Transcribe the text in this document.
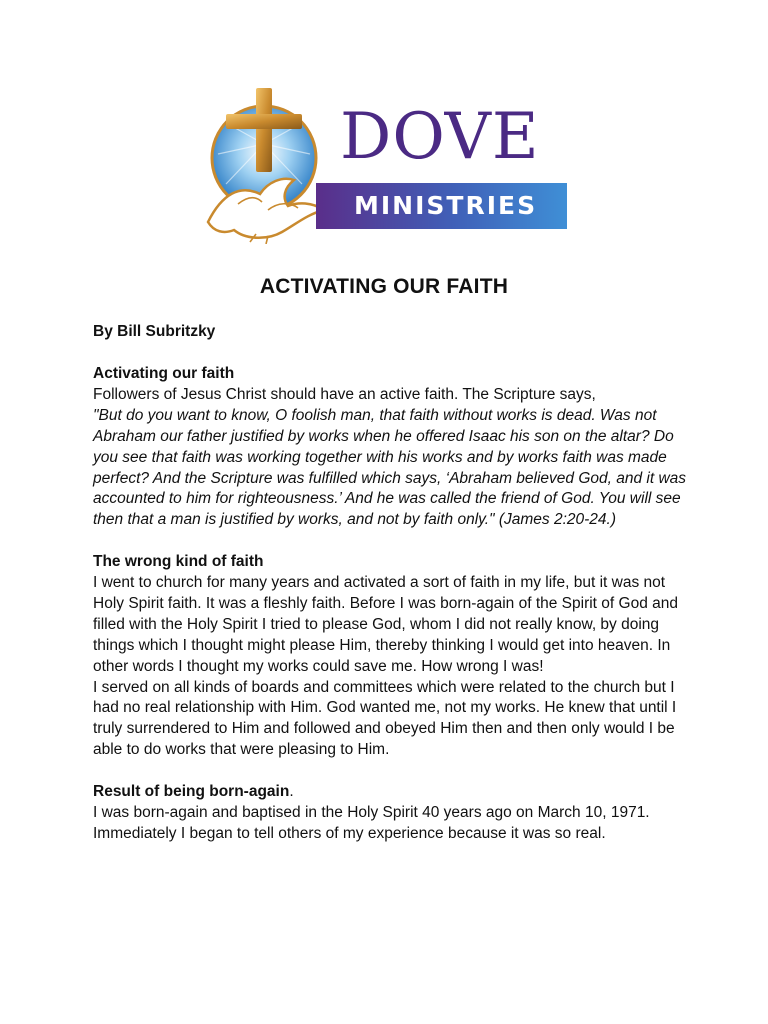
DOVE
MINISTRIES
ACTIVATING OUR FAITH
By Bill Subritzky

Activating our faith

Followers of Jesus Christ should have an active faith. The Scripture says,

"But do you want to know, O foolish man, that faith without works is dead. Was not Abraham our father justified by works when he offered Isaac his son on the altar? Do you see that faith was working together with his works and by works faith was made perfect? And the Scripture was fulfilled which says, ‘Abraham believed God, and it was accounted to him for righteousness.’ And he was called the friend of God. You will see then that a man is justified by works, and not by faith only." (James 2:20-24.)

The wrong kind of faith

I went to church for many years and activated a sort of faith in my life, but it was not Holy Spirit faith. It was a fleshly faith. Before I was born-again of the Spirit of God and filled with the Holy Spirit I tried to please God, whom I did not really know, by doing things which I thought might please Him, thereby thinking I would get into heaven. In other words I thought my works could save me. How wrong I was!

I served on all kinds of boards and committees which were related to the church but I had no real relationship with Him. God wanted me, not my works. He knew that until I truly surrendered to Him and followed and obeyed Him then and then only would I be able to do works that were pleasing to Him.

Result of being born-again.

I was born-again and baptised in the Holy Spirit 40 years ago on March 10, 1971. Immediately I began to tell others of my experience because it was so real.
